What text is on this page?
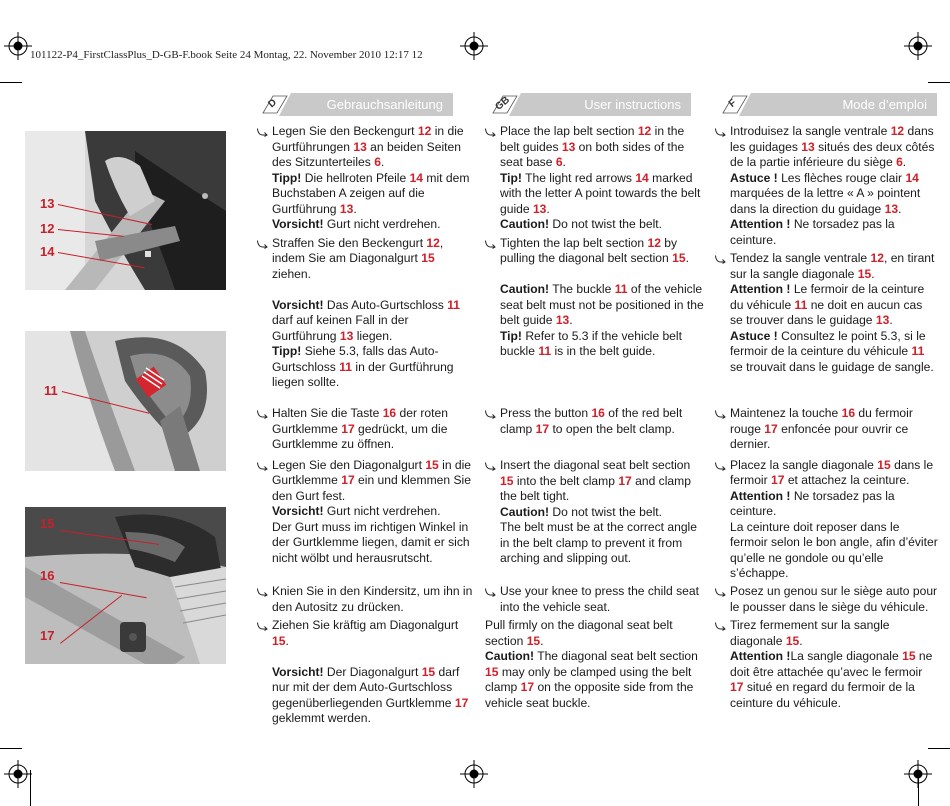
101122-P4_FirstClassPlus_D-GB-F.book Seite 24 Montag, 22. November 2010 12:17 12
D	Gebrauchsanleitung	GB	User instructions	F	Mode d’emploi
13
12
14
11
15
16
17

Legen Sie den Beckengurt 12 in die Gurtführungen 13 an beiden Seiten des Sitzunterteiles 6.

Tipp! Die hellroten Pfeile 14 mit dem Buchstaben A zeigen auf die Gurtführung 13.

Vorsicht! Gurt nicht verdrehen.

Straffen Sie den Beckengurt 12, indem Sie am Diagonalgurt 15 ziehen.

Vorsicht! Das Auto-Gurtschloss 11 darf auf keinen Fall in der Gurtführung 13 liegen.

Tipp! Siehe 5.3, falls das Auto-Gurtschloss 11 in der Gurtführung liegen sollte.

Halten Sie die Taste 16 der roten Gurtklemme 17 gedrückt, um die Gurtklemme zu öffnen.

Legen Sie den Diagonalgurt 15 in die Gurtklemme 17 ein und klemmen Sie den Gurt fest.

Vorsicht! Gurt nicht verdrehen.

Der Gurt muss im richtigen Winkel in der Gurtklemme liegen, damit er sich nicht wölbt und herausrutscht.

Knien Sie in den Kindersitz, um ihn in den Autositz zu drücken.

Ziehen Sie kräftig am Diagonalgurt 15.

Vorsicht! Der Diagonalgurt 15 darf nur mit der dem Auto-Gurtschloss gegenüberliegenden Gurtklemme 17 geklemmt werden.

Place the lap belt section 12 in the belt guides 13 on both sides of the seat base 6.

Tip! The light red arrows 14 marked with the letter A point towards the belt guide 13.

Caution! Do not twist the belt.

Tighten the lap belt section 12 by pulling the diagonal belt section 15.

Caution! The buckle 11 of the vehicle seat belt must not be positioned in the belt guide 13.

Tip! Refer to 5.3 if the vehicle belt buckle 11 is in the belt guide.

Press the button 16 of the red belt clamp 17 to open the belt clamp.

Insert the diagonal seat belt section 15 into the belt clamp 17 and clamp the belt tight.

Caution! Do not twist the belt.

The belt must be at the correct angle in the belt clamp to prevent it from arching and slipping out.

Use your knee to press the child seat into the vehicle seat.

Pull firmly on the diagonal seat belt section 15.

Caution! The diagonal seat belt section 15 may only be clamped using the belt clamp 17 on the opposite side from the vehicle seat buckle.

Introduisez la sangle ventrale 12 dans les guidages 13 situés des deux côtés de la partie inférieure du siège 6.

Astuce ! Les flèches rouge clair 14 marquées de la lettre « A » pointent dans la direction du guidage 13.

Attention ! Ne torsadez pas la ceinture.

Tendez la sangle ventrale 12, en tirant sur la sangle diagonale 15.

Attention ! Le fermoir de la ceinture du véhicule 11 ne doit en aucun cas se trouver dans le guidage 13.

Astuce ! Consultez le point 5.3, si le fermoir de la ceinture du véhicule 11 se trouvait dans le guidage de sangle.

Maintenez la touche 16 du fermoir rouge 17 enfoncée pour ouvrir ce dernier.

Placez la sangle diagonale 15 dans le fermoir 17 et attachez la ceinture.

Attention ! Ne torsadez pas la ceinture.

La ceinture doit reposer dans le fermoir selon le bon angle, afin d’éviter qu’elle ne gondole ou qu’elle s’échappe.

Posez un genou sur le siège auto pour le pousser dans le siège du véhicule.

Tirez fermement sur la sangle diagonale 15.

Attention !La sangle diagonale 15 ne doit être attachée qu’avec le fermoir 17 situé en regard du fermoir de la ceinture du véhicule.
